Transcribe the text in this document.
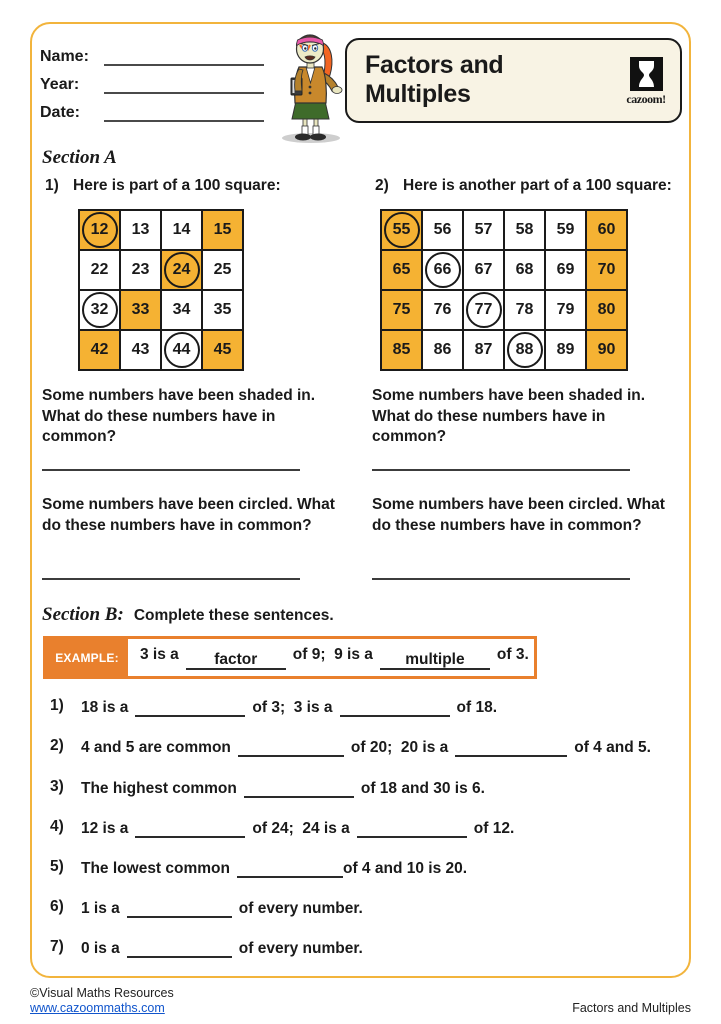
Name:
Year:
Date:
Factors and
Multiples	cazoom!
Section A
1) Here is part of a 100 square:	2) Here is another part of a 100 square:
12	13	14	15
22	23	24	25
32	33	34	35
42	43	44	45
55	56	57	58	59	60
65	66	67	68	69	70
75	76	77	78	79	80
85	86	87	88	89	90
Some numbers have been shaded in. What do these numbers have in common?
Some numbers have been shaded in. What do these numbers have in common?
Some numbers have been circled. What do these numbers have in common?
Some numbers have been circled. What do these numbers have in common?
Section B: Complete these sentences.
EXAMPLE:	3 is a factor of 9;  9 is a multiple of 3.
1)	18 is a	of 3;  3 is a	of 18.
2)	4 and 5 are common	of 20;  20 is a	of 4 and 5.
3)	The highest common	of 18 and 30 is 6.
4)	12 is a	of 24;  24 is a	of 12.
5)	The lowest common	of 4 and 10 is 20.
6)	1 is a	of every number.
7)	0 is a	of every number.
©Visual Maths Resources
www.cazoommaths.com	Factors and Multiples
